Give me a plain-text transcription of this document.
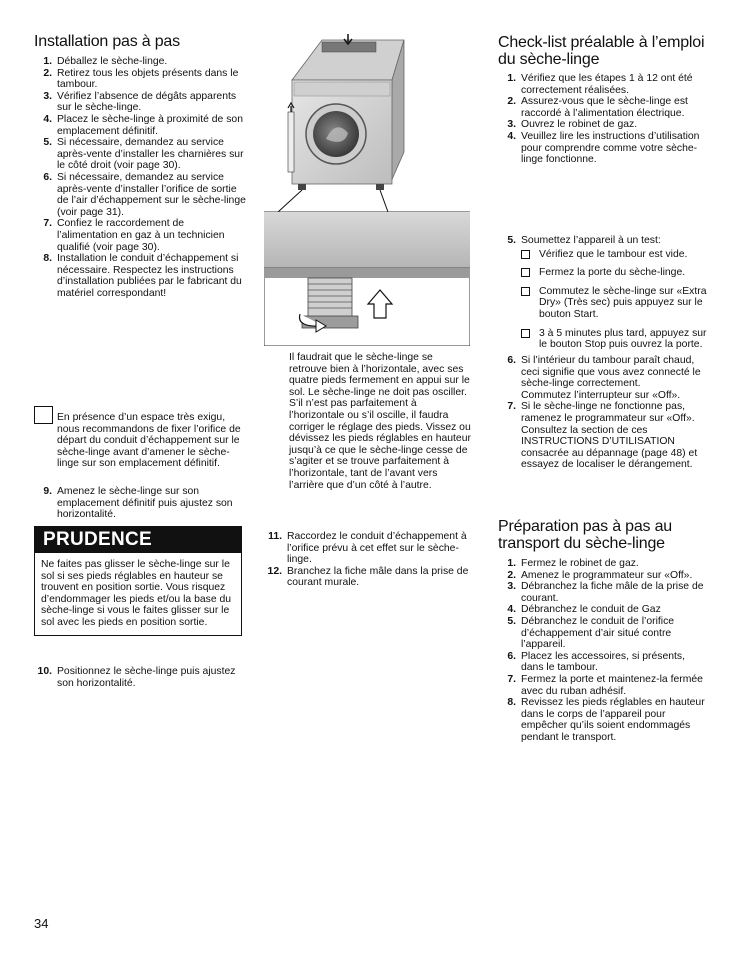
Installation pas à pas
1. Déballez le sèche-linge.
2. Retirez tous les objets présents dans le tambour.
3. Vérifiez l’absence de dégâts apparents sur le sèche-linge.
4. Placez le sèche-linge à proximité de son emplacement définitif.
5. Si nécessaire, demandez au service après-vente d’installer les charnières sur le côté droit (voir page 30).
6. Si nécessaire, demandez au service après-vente d’installer l’orifice de sortie de l’air d’échappement sur le sèche-linge (voir page 31).
7. Confiez le raccordement de l’alimentation en gaz à un technicien qualifié (voir page 30).
8. Installation le conduit d’échappement si nécessaire. Respectez les instructions d’installation publiées par le fabricant du matériel correspondant!
En présence d’un espace très exigu, nous recommandons de fixer l’orifice de départ du conduit d’échappement sur le sèche-linge avant d’amener le sèche-linge sur son emplacement définitif.
9. Amenez le sèche-linge sur son emplacement définitif puis ajustez son horizontalité.
PRUDENCE
Ne faites pas glisser le sèche-linge sur le sol si ses pieds réglables en hauteur se trouvent en position sortie. Vous risquez d’endommager les pieds et/ou la base du sèche-linge si vous le faites glisser sur le sol avec les pieds en position sortie.
10. Positionnez le sèche-linge puis ajustez son horizontalité.
Il faudrait que le sèche-linge se retrouve bien à l’horizontale, avec ses quatre pieds fermement en appui sur le sol. Le sèche-linge ne doit pas osciller. S’il n’est pas parfaitement à l’horizontale ou s’il oscille, il faudra corriger le réglage des pieds. Vissez ou dévissez les pieds réglables en hauteur jusqu’à ce que le sèche-linge cesse de s’agiter et se trouve parfaitement à l’horizontale, tant de l’avant vers l’arrière que d’un côté à l’autre.
11. Raccordez le conduit d’échappement à l’orifice prévu à cet effet sur le sèche-linge.
12. Branchez la fiche mâle dans la prise de courant murale.
Check-list préalable à l’emploi du sèche-linge
1. Vérifiez que les étapes 1 à 12 ont été correctement réalisées.
2. Assurez-vous que le sèche-linge est raccordé à l’alimentation électrique.
3. Ouvrez le robinet de gaz.
4. Veuillez lire les instructions d’utilisation pour comprendre comme votre sèche-linge fonctionne.
5. Soumettez l’appareil à un test:
Vérifiez que le tambour est vide.
Fermez la porte du sèche-linge.
Commutez le sèche-linge sur «Extra Dry» (Très sec) puis appuyez sur le bouton Start.
3 à 5 minutes plus tard, appuyez sur le bouton Stop puis ouvrez la porte.
6. Si l’intérieur du tambour paraît chaud, ceci signifie que vous avez connecté le sèche-linge correctement.
Commutez l’interrupteur sur «Off».
7. Si le sèche-linge ne fonctionne pas, ramenez le programmateur sur «Off». Consultez la section de ces INSTRUCTIONS D’UTILISATION consacrée au dépannage (page 48) et essayez de localiser le dérangement.
Préparation pas à pas au transport du sèche-linge
1. Fermez le robinet de gaz.
2. Amenez le programmateur sur «Off».
3. Débranchez la fiche mâle de la prise de courant.
4. Débranchez le conduit de Gaz
5. Débranchez le conduit de l’orifice d’échappement d’air situé contre l’appareil.
6. Placez les accessoires, si présents, dans le tambour.
7. Fermez la porte et maintenez-la fermée avec du ruban adhésif.
8. Revissez les pieds réglables en hauteur dans le corps de l’appareil pour empêcher qu’ils soient endommagés pendant le transport.
34
